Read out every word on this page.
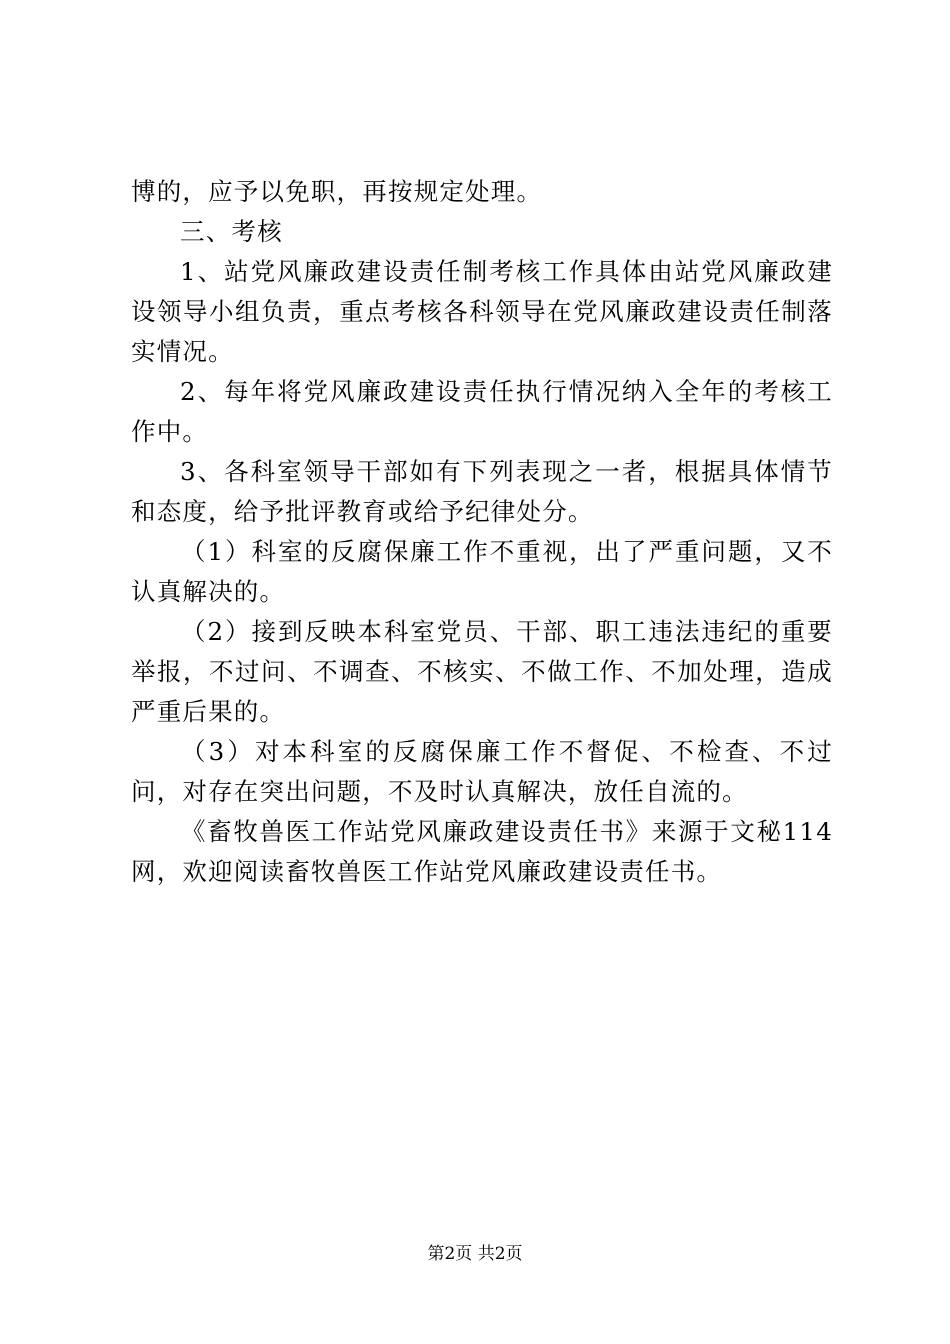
博的，应予以免职，再按规定处理。

三、考核

1、站党风廉政建设责任制考核工作具体由站党风廉政建设领导小组负责，重点考核各科领导在党风廉政建设责任制落实情况。

2、每年将党风廉政建设责任执行情况纳入全年的考核工作中。

3、各科室领导干部如有下列表现之一者，根据具体情节和态度，给予批评教育或给予纪律处分。

（1）科室的反腐保廉工作不重视，出了严重问题，又不认真解决的。

（2）接到反映本科室党员、干部、职工违法违纪的重要举报，不过问、不调查、不核实、不做工作、不加处理，造成严重后果的。

（3）对本科室的反腐保廉工作不督促、不检查、不过问，对存在突出问题，不及时认真解决，放任自流的。

《畜牧兽医工作站党风廉政建设责任书》来源于文秘114网，欢迎阅读畜牧兽医工作站党风廉政建设责任书。

第2页 共2页
